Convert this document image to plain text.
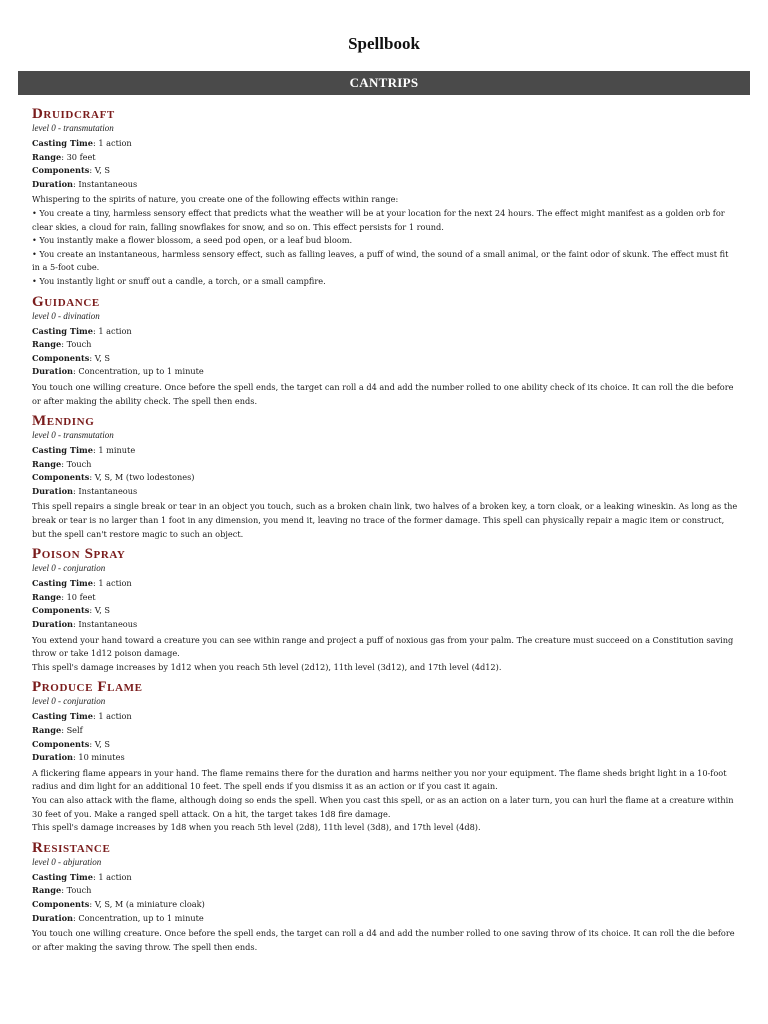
Spellbook
CANTRIPS
Druidcraft
level 0 - transmutation
Casting Time: 1 action
Range: 30 feet
Components: V, S
Duration: Instantaneous

Whispering to the spirits of nature, you create one of the following effects within range:

• You create a tiny, harmless sensory effect that predicts what the weather will be at your location for the next 24 hours. The effect might manifest as a golden orb for clear skies, a cloud for rain, falling snowflakes for snow, and so on. This effect persists for 1 round.

• You instantly make a flower blossom, a seed pod open, or a leaf bud bloom.

• You create an instantaneous, harmless sensory effect, such as falling leaves, a puff of wind, the sound of a small animal, or the faint odor of skunk. The effect must fit in a 5-foot cube.

• You instantly light or snuff out a candle, a torch, or a small campfire.

Guidance
level 0 - divination
Casting Time: 1 action
Range: Touch
Components: V, S
Duration: Concentration, up to 1 minute

You touch one willing creature. Once before the spell ends, the target can roll a d4 and add the number rolled to one ability check of its choice. It can roll the die before or after making the ability check. The spell then ends.

Mending
level 0 - transmutation
Casting Time: 1 minute
Range: Touch
Components: V, S, M (two lodestones)
Duration: Instantaneous

This spell repairs a single break or tear in an object you touch, such as a broken chain link, two halves of a broken key, a torn cloak, or a leaking wineskin. As long as the break or tear is no larger than 1 foot in any dimension, you mend it, leaving no trace of the former damage. This spell can physically repair a magic item or construct, but the spell can't restore magic to such an object.

Poison Spray
level 0 - conjuration
Casting Time: 1 action
Range: 10 feet
Components: V, S
Duration: Instantaneous

You extend your hand toward a creature you can see within range and project a puff of noxious gas from your palm. The creature must succeed on a Constitution saving throw or take 1d12 poison damage.

This spell's damage increases by 1d12 when you reach 5th level (2d12), 11th level (3d12), and 17th level (4d12).

Produce Flame
level 0 - conjuration
Casting Time: 1 action
Range: Self
Components: V, S
Duration: 10 minutes

A flickering flame appears in your hand. The flame remains there for the duration and harms neither you nor your equipment. The flame sheds bright light in a 10-foot radius and dim light for an additional 10 feet. The spell ends if you dismiss it as an action or if you cast it again.

You can also attack with the flame, although doing so ends the spell. When you cast this spell, or as an action on a later turn, you can hurl the flame at a creature within 30 feet of you. Make a ranged spell attack. On a hit, the target takes 1d8 fire damage.

This spell's damage increases by 1d8 when you reach 5th level (2d8), 11th level (3d8), and 17th level (4d8).

Resistance
level 0 - abjuration
Casting Time: 1 action
Range: Touch
Components: V, S, M (a miniature cloak)
Duration: Concentration, up to 1 minute

You touch one willing creature. Once before the spell ends, the target can roll a d4 and add the number rolled to one saving throw of its choice. It can roll the die before or after making the saving throw. The spell then ends.
